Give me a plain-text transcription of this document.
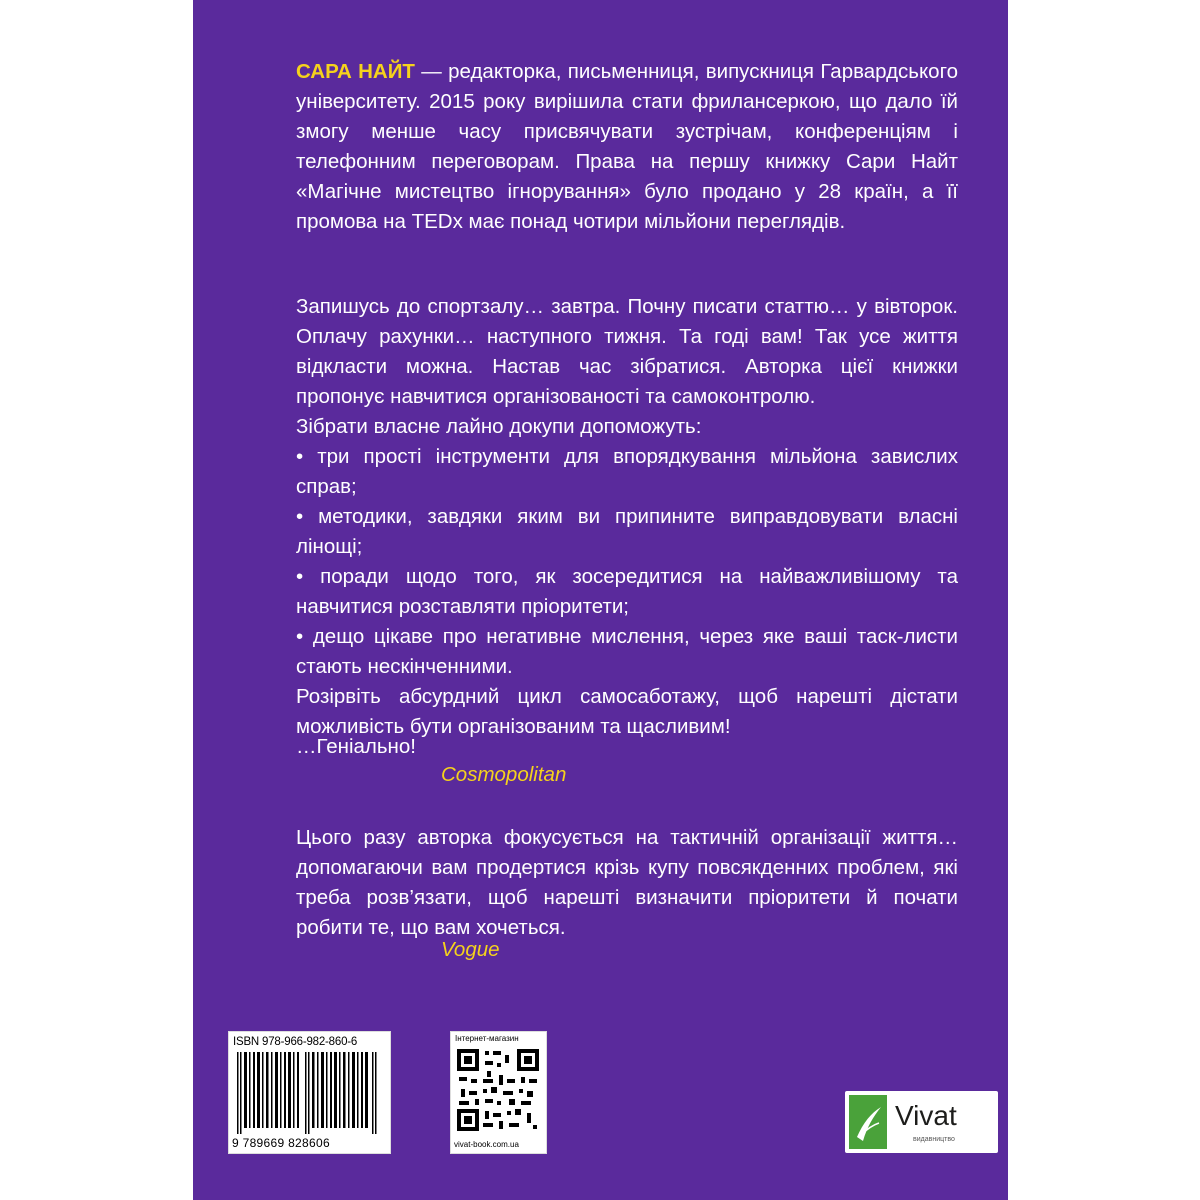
САРА НАЙТ — редакторка, письменниця, випускниця Гарвардського університету. 2015 року вирішила стати фрилансеркою, що дало їй змогу менше часу присвячувати зустрічам, конференціям і телефонним переговорам. Права на першу книжку Сари Найт «Магічне мистецтво ігнорування» було продано у 28 країн, а її промова на TEDx має понад чотири мільйони переглядів.

Запишусь до спортзалу… завтра. Почну писати статтю… у вівторок. Оплачу рахунки… наступного тижня. Та годі вам! Так усе життя відкласти можна. Настав час зібратися. Авторка цієї книжки пропонує навчитися організованості та самоконтролю.

Зібрати власне лайно докупи допоможуть:

• три прості інструменти для впорядкування мільйона завислих справ;

• методики, завдяки яким ви припините виправдовувати власні лінощі;

• поради щодо того, як зосередитися на найважливішому та навчитися розставляти пріоритети;

• дещо цікаве про негативне мислення, через яке ваші таск-листи стають нескінченними.

Розірвіть абсурдний цикл самосаботажу, щоб нарешті дістати можливість бути організованим та щасливим!

…Геніально!

Cosmopolitan

Цього разу авторка фокусується на тактичній організації життя… допомагаючи вам продертися крізь купу повсякденних проблем, які треба розв’язати, щоб нарешті визначити пріоритети й почати робити те, що вам хочеться.

Vogue
ISBN 978-966-982-860-6
9 789669 828606
Інтернет-магазин
vivat-book.com.ua
Vivat
видавництво
